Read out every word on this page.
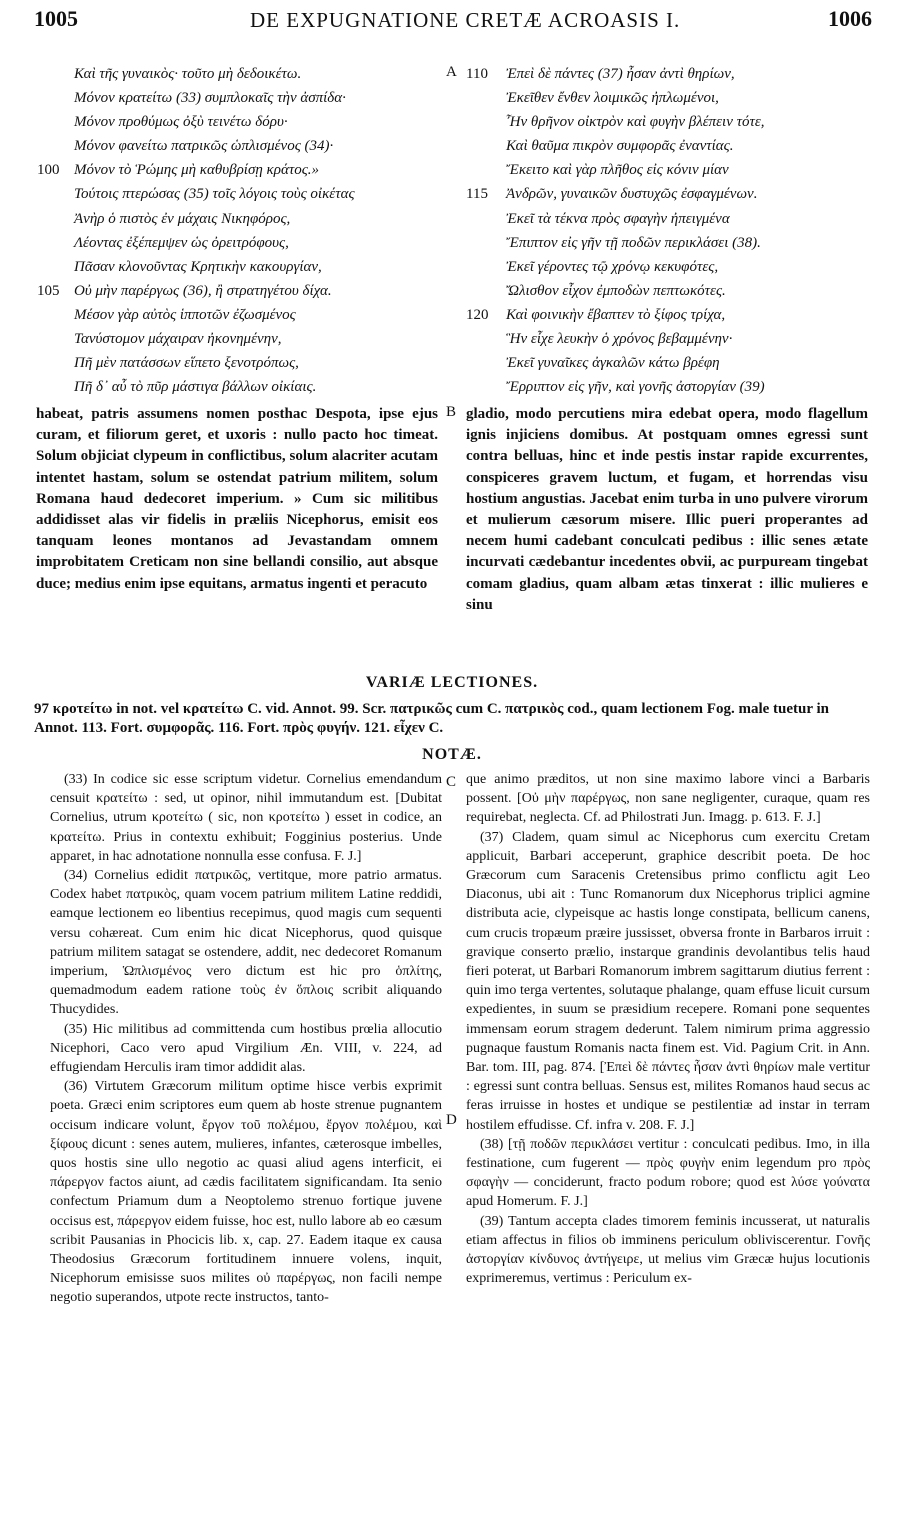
1005	DE EXPUGNATIONE CRETÆ ACROASIS I.	1006
Καὶ τῆς γυναικὸς· τοῦτο μὴ δεδοικέτω.
Μόνον κρατείτω (33) συμπλοκαῖς τὴν ἀσπίδα·
Μόνον προθύμως ὀξὺ τεινέτω δόρυ·
Μόνον φανείτω πατρικῶς ὡπλισμένος (34)·
100 Μόνον τὸ Ῥώμης μὴ καθυβρίσῃ κράτος.»
Τούτοις πτερώσας (35) τοῖς λόγοις τοὺς οἰκέτας
Ἀνὴρ ὁ πιστὸς ἐν μάχαις Νικηφόρος,
Λέοντας ἐξέπεμψεν ὡς ὀρειτρόφους,
Πᾶσαν κλονοῦντας Κρητικὴν κακουργίαν,
105 Οὐ μὴν παρέργως (36), ἢ στρατηγέτου δίχα.
Μέσον γὰρ αὐτὸς ἱπποτῶν ἐζωσμένος
Τανύστομον μάχαιραν ἠκονημένην,
Πῆ μὲν πατάσσων εἵπετο ξενοτρόπως,
Πῆ δ᾽ αὖ τὸ πῦρ μάστιγα βάλλων οἰκίαις.
110 Ἐπεὶ δὲ πάντες (37) ἦσαν ἀντὶ θηρίων,
Ἐκεῖθεν ἔνθεν λοιμικῶς ἠπλωμένοι,
Ἦν θρῆνον οἰκτρὸν καὶ φυγὴν βλέπειν τότε,
Καὶ θαῦμα πικρὸν συμφορᾶς ἐναντίας.
Ἔκειτο καὶ γὰρ πλῆθος εἰς κόνιν μίαν
115 Ἀνδρῶν, γυναικῶν δυστυχῶς ἐσφαγμένων.
Ἐκεῖ τὰ τέκνα πρὸς σφαγὴν ἠπειγμένα
Ἔπιπτον εἰς γῆν τῇ ποδῶν περικλάσει (38).
Ἐκεῖ γέροντες τῷ χρόνῳ κεκυφότες,
Ὤλισθον εἶχον ἐμποδὼν πεπτωκότες.
120 Καὶ φοινικὴν ἔβαπτεν τὸ ξίφος τρίχα,
Ἣν εἶχε λευκὴν ὁ χρόνος βεβαμμένην·
Ἐκεῖ γυναῖκες ἀγκαλῶν κάτω βρέφη
Ἔρριπτον εἰς γῆν, καὶ γονῆς ἀστοργίαν (39)
A
B
C
D
habeat, patris assumens nomen posthac Despota, ipse ejus curam, et filiorum geret, et uxoris : nullo pacto hoc timeat. Solum objiciat clypeum in conflictibus, solum alacriter acutam intentet hastam, solum se ostendat patrium militem, solum Romana haud dedecoret imperium. » Cum sic militibus addidisset alas vir fidelis in præliis Nicephorus, emisit eos tanquam leones montanos ad Jevastandam omnem improbitatem Creticam non sine bellandi consilio, aut absque duce; medius enim ipse equitans, armatus ingenti et peracuto
gladio, modo percutiens mira edebat opera, modo flagellum ignis injiciens domibus. At postquam omnes egressi sunt contra belluas, hinc et inde pestis instar rapide excurrentes, conspiceres gravem luctum, et fugam, et horrendas visu hostium angustias. Jacebat enim turba in uno pulvere virorum et mulierum cæsorum misere. Illic pueri properantes ad necem humi cadebant conculcati pedibus : illic senes ætate incurvati cædebantur incedentes obvii, ac purpuream tingebat comam gladius, quam albam ætas tinxerat : illic mulieres e sinu
VARIÆ LECTIONES.
97 κροτείτω in not. vel κρατείτω C. vid. Annot. 99. Scr. πατρικῶς cum C. πατρικὸς cod., quam lectionem Fog. male tuetur in Annot. 113. Fort. συμφορᾶς. 116. Fort. πρὸς φυγήν. 121. εἶχεν C.
NOTÆ.

(33) In codice sic esse scriptum videtur. Cornelius emendandum censuit κρατείτω : sed, ut opinor, nihil immutandum est. [Dubitat Cornelius, utrum κροτείτω ( sic, non κροτείτω ) esset in codice, an κρατείτω. Prius in contextu exhibuit; Fogginius posterius. Unde apparet, in hac adnotatione nonnulla esse confusa. F. J.]

(34) Cornelius edidit πατρικῶς, vertitque, more patrio armatus. Codex habet πατρικὸς, quam vocem patrium militem Latine reddidi, eamque lectionem eo libentius recepimus, quod magis cum sequenti versu cohæreat. Cum enim hic dicat Nicephorus, quod quisque patrium militem satagat se ostendere, addit, nec dedecoret Romanum imperium, Ὡπλισμένος vero dictum est hic pro ὁπλίτης, quemadmodum eadem ratione τοὺς ἐν ὅπλοις scribit aliquando Thucydides.

(35) Hic militibus ad committenda cum hostibus prœlia allocutio Nicephori, Caco vero apud Virgilium Æn. VIII, v. 224, ad effugiendam Herculis iram timor addidit alas.

(36) Virtutem Græcorum militum optime hisce verbis exprimit poeta. Græci enim scriptores eum quem ab hoste strenue pugnantem occisum indicare volunt, ἔργον τοῦ πολέμου, ἔργον πολέμου, καὶ ξίφους dicunt : senes autem, mulieres, infantes, cæterosque imbelles, quos hostis sine ullo negotio ac quasi aliud agens interficit, ei πάρεργον factos aiunt, ad cædis facilitatem significandam. Ita senio confectum Priamum dum a Neoptolemo strenuo fortique juvene occisus est, πάρεργον eidem fuisse, hoc est, nullo labore ab eo cæsum scribit Pausanias in Phocicis lib. x, cap. 27. Eadem itaque ex causa Theodosius Græcorum fortitudinem innuere volens, inquit, Nicephorum emisisse suos milites οὐ παρέργως, non facili nempe negotio superandos, utpote recte instructos, tanto-

que animo præditos, ut non sine maximo labore vinci a Barbaris possent. [Οὐ μὴν παρέργως, non sane negligenter, curaque, quam res requirebat, neglecta. Cf. ad Philostrati Jun. Imagg. p. 613. F. J.]

(37) Cladem, quam simul ac Nicephorus cum exercitu Cretam applicuit, Barbari acceperunt, graphice describit poeta. De hoc Græcorum cum Saracenis Cretensibus primo conflictu agit Leo Diaconus, ubi ait : Tunc Romanorum dux Nicephorus triplici agmine distributa acie, clypeisque ac hastis longe constipata, bellicum canens, cum crucis tropæum præire jussisset, obversa fronte in Barbaros irruit : gravique conserto prælio, instarque grandinis devolantibus telis haud fieri poterat, ut Barbari Romanorum imbrem sagittarum diutius ferrent : quin imo terga vertentes, solutaque phalange, quam effuse licuit cursum expedientes, in suum se præsidium recepere. Romani pone sequentes immensam eorum stragem dederunt. Talem nimirum prima aggressio pugnaque faustum Romanis nacta finem est. Vid. Pagium Crit. in Ann. Bar. tom. III, pag. 874. [Ἐπεὶ δὲ πάντες ἦσαν ἀντὶ θηρίων male vertitur : egressi sunt contra belluas. Sensus est, milites Romanos haud secus ac feras irruisse in hostes et undique se pestilentiæ ad instar in terram hostilem effudisse. Cf. infra v. 208. F. J.]

(38) [τῇ ποδῶν περικλάσει vertitur : conculcati pedibus. Imo, in illa festinatione, cum fugerent — πρὸς φυγὴν enim legendum pro πρὸς σφαγὴν — conciderunt, fracto podum robore; quod est λύσε γούνατα apud Homerum. F. J.]

(39) Tantum accepta clades timorem feminis incusserat, ut naturalis etiam affectus in filios ob imminens periculum obliviscerentur. Γονῆς ἀστοργίαν κίνδυνος ἀντήγειρε, ut melius vim Græcæ hujus locutionis exprimeremus, vertimus : Periculum ex-
